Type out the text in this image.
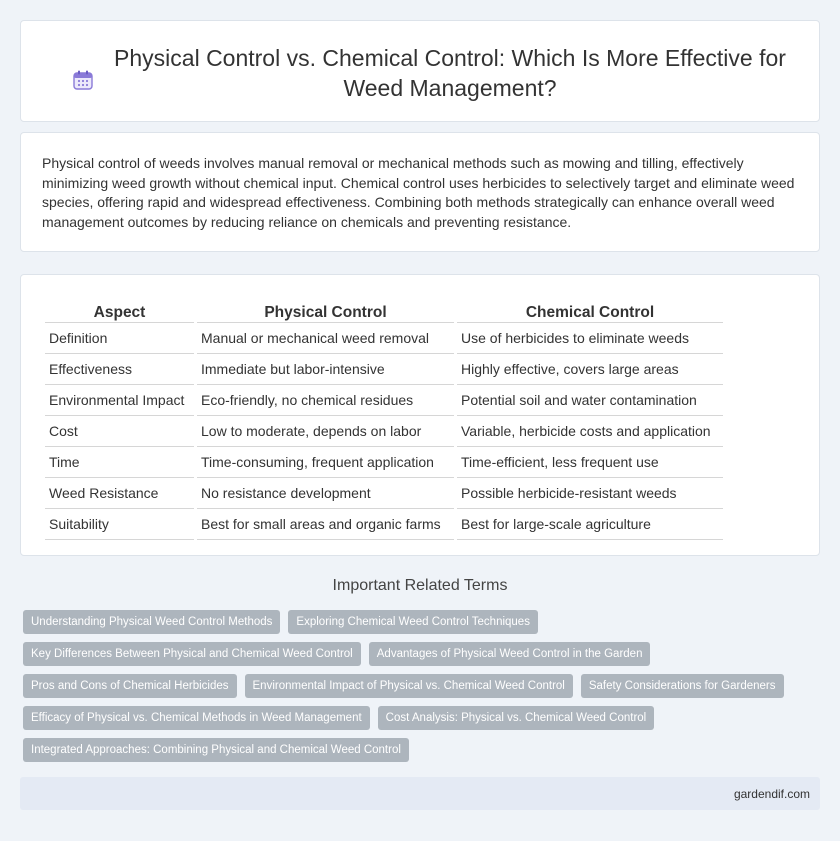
Physical Control vs. Chemical Control: Which Is More Effective for Weed Management?

Physical control of weeds involves manual removal or mechanical methods such as mowing and tilling, effectively minimizing weed growth without chemical input. Chemical control uses herbicides to selectively target and eliminate weed species, offering rapid and widespread effectiveness. Combining both methods strategically can enhance overall weed management outcomes by reducing reliance on chemicals and preventing resistance.

Aspect	Physical Control	Chemical Control
Definition	Manual or mechanical weed removal	Use of herbicides to eliminate weeds
Effectiveness	Immediate but labor-intensive	Highly effective, covers large areas
Environmental Impact	Eco-friendly, no chemical residues	Potential soil and water contamination
Cost	Low to moderate, depends on labor	Variable, herbicide costs and application
Time	Time-consuming, frequent application	Time-efficient, less frequent use
Weed Resistance	No resistance development	Possible herbicide-resistant weeds
Suitability	Best for small areas and organic farms	Best for large-scale agriculture
Important Related Terms
Understanding Physical Weed Control Methods	Exploring Chemical Weed Control Techniques
Key Differences Between Physical and Chemical Weed Control	Advantages of Physical Weed Control in the Garden
Pros and Cons of Chemical Herbicides	Environmental Impact of Physical vs. Chemical Weed Control	Safety Considerations for Gardeners
Efficacy of Physical vs. Chemical Methods in Weed Management	Cost Analysis: Physical vs. Chemical Weed Control
Integrated Approaches: Combining Physical and Chemical Weed Control
gardendif.com
